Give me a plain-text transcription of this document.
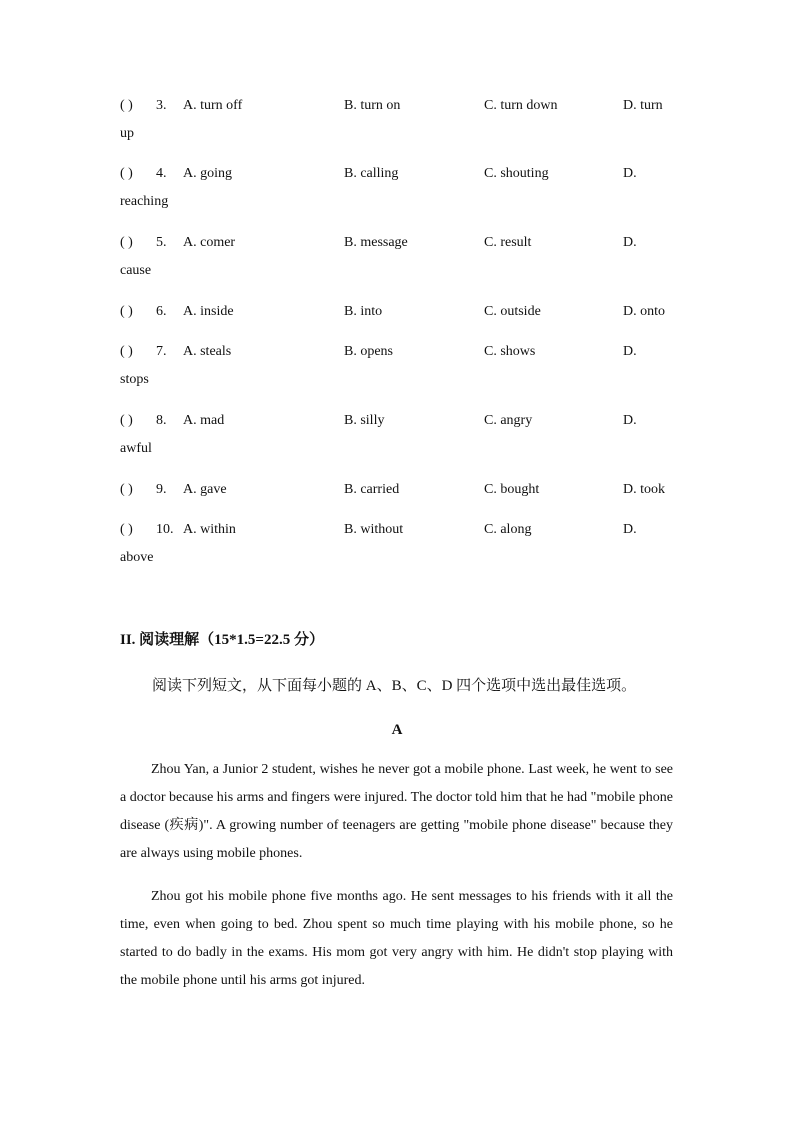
( ) 3. A. turn off	B. turn on	C. turn down	D. turn
up
( ) 4. A. going	B. calling	C. shouting	D.
reaching
( ) 5. A. comer	B. message	C. result	D.
cause
( ) 6. A. inside	B. into	C. outside	D. onto
( ) 7. A. steals	B. opens	C. shows	D.
stops
( ) 8. A. mad	B. silly	C. angry	D.
awful
( ) 9. A. gave	B. carried	C. bought	D. took
( ) 10. A. within	B. without	C. along	D.
above
II. 阅读理解（15*1.5=22.5 分）
阅读下列短文，从下面每小题的 A、B、C、D 四个选项中选出最佳选项。
A

Zhou Yan, a Junior 2 student, wishes he never got a mobile phone. Last week, he went to see a doctor because his arms and fingers were injured. The doctor told him that he had "mobile phone disease (疾病)". A growing number of teenagers are getting "mobile phone disease" because they are always using mobile phones.

Zhou got his mobile phone five months ago. He sent messages to his friends with it all the time, even when going to bed. Zhou spent so much time playing with his mobile phone, so he started to do badly in the exams. His mom got very angry with him. He didn't stop playing with the mobile phone until his arms got injured.
